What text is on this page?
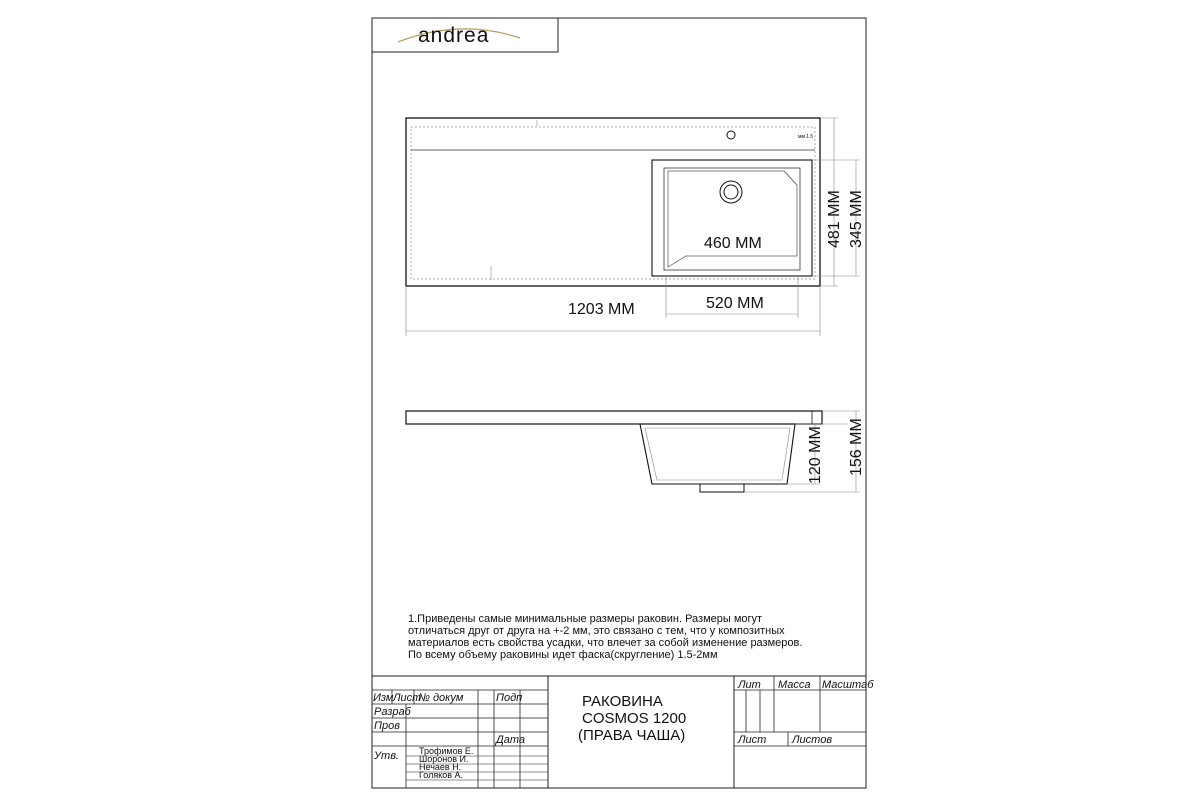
andrea
мм 1.5
460 MM
1203 MM	520 MM
481 MM 345 MM
120 MM 156 MM
1.Приведены самые минимальные размеры раковин. Размеры могут
отличаться друг от друга на +-2 мм, это связано с тем, что у композитных
материалов есть свойства усадки, что влечет за собой изменение размеров.
По всему объему раковины идет фаска(скругление) 1.5-2мм
Изм Лист
№ докум	Подп
Разраб
Пров
Дата
Утв. Трофимов Е.
Шоронов И.
Нечаев Н.
Голяков А.
РАКОВИНА
COSMOS 1200
(ПРАВА ЧАША)
Лит Масса Масштаб
Лист Листов
